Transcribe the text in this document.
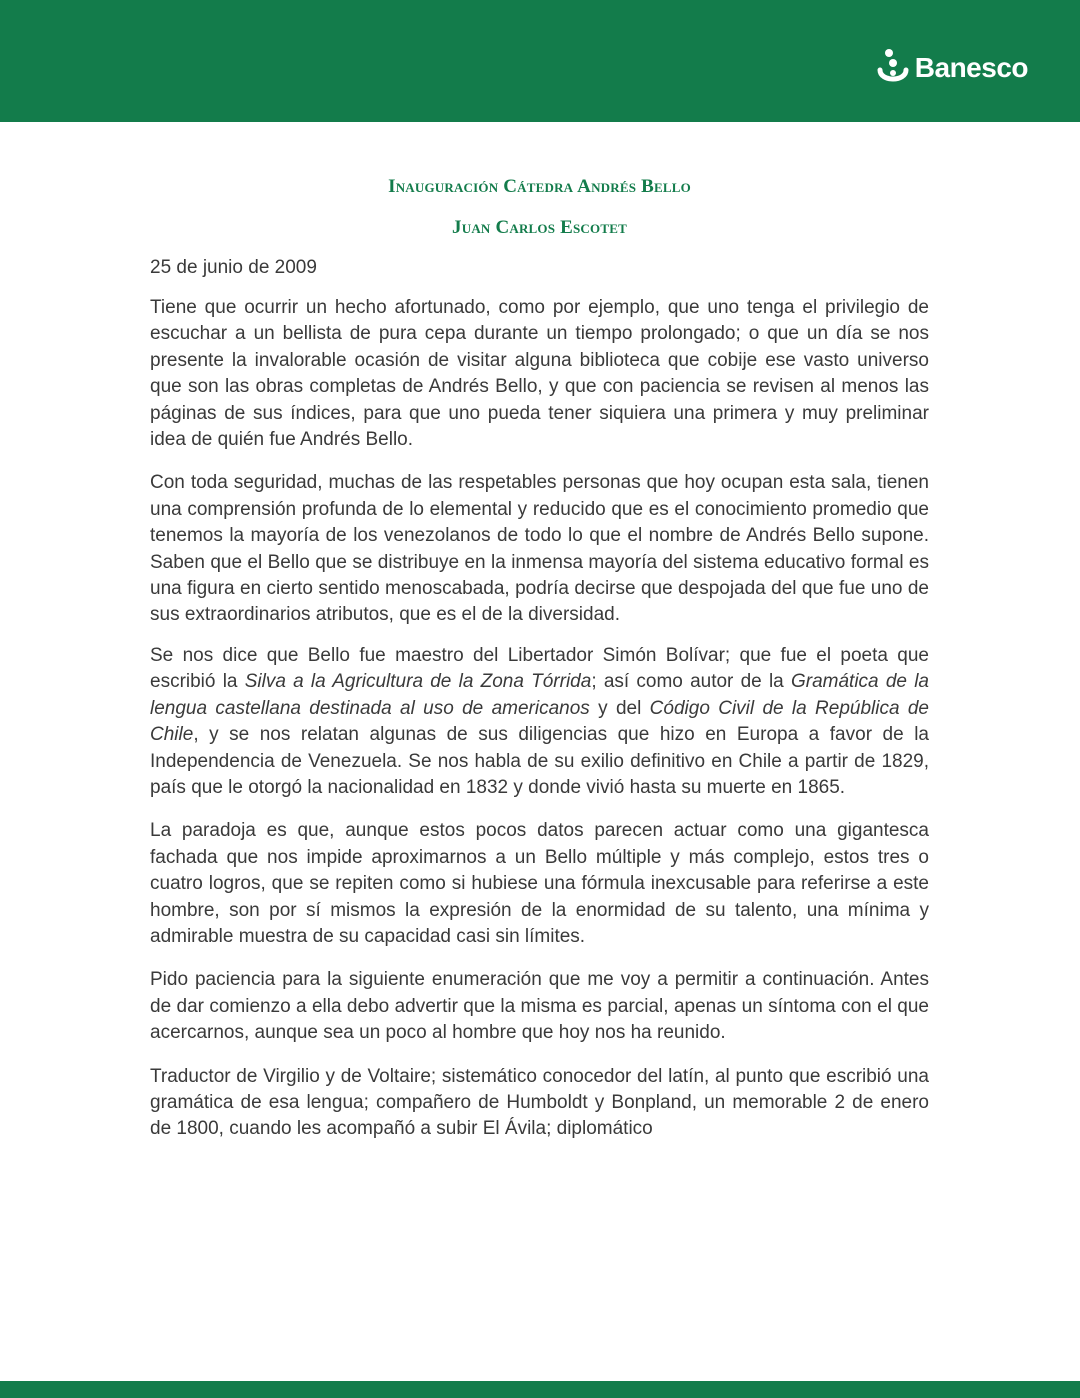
Banesco

Inauguración Cátedra Andrés Bello

Juan Carlos Escotet

25 de junio de 2009

Tiene que ocurrir un hecho afortunado, como por ejemplo, que uno tenga el privilegio de escuchar a un bellista de pura cepa durante un tiempo prolongado; o que un día se nos presente la invalorable ocasión de visitar alguna biblioteca que cobije ese vasto universo que son las obras completas de Andrés Bello, y que con paciencia se revisen al menos las páginas de sus índices, para que uno pueda tener siquiera una primera y muy preliminar idea de quién fue Andrés Bello.

Con toda seguridad, muchas de las respetables personas que hoy ocupan esta sala, tienen una comprensión profunda de lo elemental y reducido que es el conocimiento promedio que tenemos la mayoría de los venezolanos de todo lo que el nombre de Andrés Bello supone. Saben que el Bello que se distribuye en la inmensa mayoría del sistema educativo formal es una figura en cierto sentido menoscabada, podría decirse que despojada del que fue uno de sus extraordinarios atributos, que es el de la diversidad.

Se nos dice que Bello fue maestro del Libertador Simón Bolívar; que fue el poeta que escribió la Silva a la Agricultura de la Zona Tórrida; así como autor de la Gramática de la lengua castellana destinada al uso de americanos y del Código Civil de la República de Chile, y se nos relatan algunas de sus diligencias que hizo en Europa a favor de la Independencia de Venezuela. Se nos habla de su exilio definitivo en Chile a partir de 1829, país que le otorgó la nacionalidad en 1832 y donde vivió hasta su muerte en 1865.

La paradoja es que, aunque estos pocos datos parecen actuar como una gigantesca fachada que nos impide aproximarnos a un Bello múltiple y más complejo, estos tres o cuatro logros, que se repiten como si hubiese una fórmula inexcusable para referirse a este hombre, son por sí mismos la expresión de la enormidad de su talento, una mínima y admirable muestra de su capacidad casi sin límites.

Pido paciencia para la siguiente enumeración que me voy a permitir a continuación. Antes de dar comienzo a ella debo advertir que la misma es parcial, apenas un síntoma con el que acercarnos, aunque sea un poco al hombre que hoy nos ha reunido.

Traductor de Virgilio y de Voltaire; sistemático conocedor del latín, al punto que escribió una gramática de esa lengua; compañero de Humboldt y Bonpland, un memorable 2 de enero de 1800, cuando les acompañó a subir El Ávila; diplomático
